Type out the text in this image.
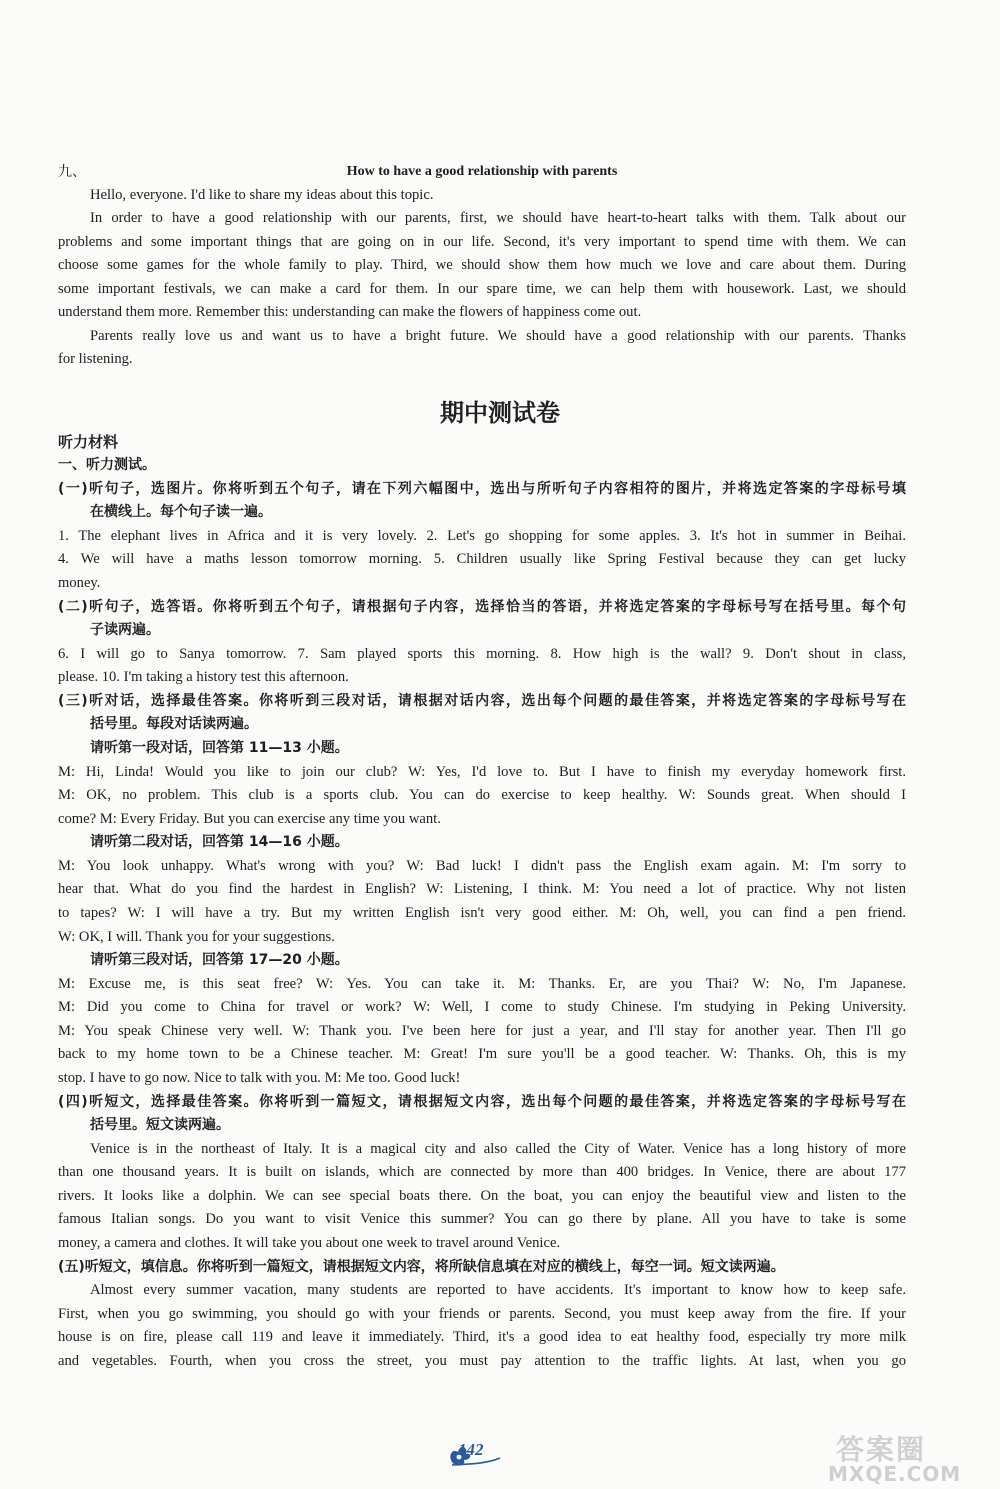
九、	How to have a good relationship with parents
Hello, everyone. I'd like to share my ideas about this topic.
In order to have a good relationship with our parents, first, we should have heart-to-heart talks with them. Talk about our
problems and some important things that are going on in our life. Second, it's very important to spend time with them. We can
choose some games for the whole family to play. Third, we should show them how much we love and care about them. During
some important festivals, we can make a card for them. In our spare time, we can help them with housework. Last, we should
understand them more. Remember this: understanding can make the flowers of happiness come out.
Parents really love us and want us to have a bright future. We should have a good relationship with our parents. Thanks
for listening.
期中测试卷
听力材料
一、听力测试。
(一)听句子，选图片。你将听到五个句子，请在下列六幅图中，选出与所听句子内容相符的图片，并将选定答案的字母标号填
在横线上。每个句子读一遍。
1. The elephant lives in Africa and it is very lovely. 2. Let's go shopping for some apples. 3. It's hot in summer in Beihai.
4. We will have a maths lesson tomorrow morning. 5. Children usually like Spring Festival because they can get lucky
money.
(二)听句子，选答语。你将听到五个句子，请根据句子内容，选择恰当的答语，并将选定答案的字母标号写在括号里。每个句
子读两遍。
6. I will go to Sanya tomorrow. 7. Sam played sports this morning. 8. How high is the wall? 9. Don't shout in class,
please. 10. I'm taking a history test this afternoon.
(三)听对话，选择最佳答案。你将听到三段对话，请根据对话内容，选出每个问题的最佳答案，并将选定答案的字母标号写在
括号里。每段对话读两遍。
请听第一段对话，回答第 11—13 小题。
M: Hi, Linda! Would you like to join our club? W: Yes, I'd love to. But I have to finish my everyday homework first.
M: OK, no problem. This club is a sports club. You can do exercise to keep healthy. W: Sounds great. When should I
come? M: Every Friday. But you can exercise any time you want.
请听第二段对话，回答第 14—16 小题。
M: You look unhappy. What's wrong with you? W: Bad luck! I didn't pass the English exam again. M: I'm sorry to
hear that. What do you find the hardest in English? W: Listening, I think. M: You need a lot of practice. Why not listen
to tapes? W: I will have a try. But my written English isn't very good either. M: Oh, well, you can find a pen friend.
W: OK, I will. Thank you for your suggestions.
请听第三段对话，回答第 17—20 小题。
M: Excuse me, is this seat free? W: Yes. You can take it. M: Thanks. Er, are you Thai? W: No, I'm Japanese.
M: Did you come to China for travel or work? W: Well, I come to study Chinese. I'm studying in Peking University.
M: You speak Chinese very well. W: Thank you. I've been here for just a year, and I'll stay for another year. Then I'll go
back to my home town to be a Chinese teacher. M: Great! I'm sure you'll be a good teacher. W: Thanks. Oh, this is my
stop. I have to go now. Nice to talk with you. M: Me too. Good luck!
(四)听短文，选择最佳答案。你将听到一篇短文，请根据短文内容，选出每个问题的最佳答案，并将选定答案的字母标号写在
括号里。短文读两遍。
Venice is in the northeast of Italy. It is a magical city and also called the City of Water. Venice has a long history of more
than one thousand years. It is built on islands, which are connected by more than 400 bridges. In Venice, there are about 177
rivers. It looks like a dolphin. We can see special boats there. On the boat, you can enjoy the beautiful view and listen to the
famous Italian songs. Do you want to visit Venice this summer? You can go there by plane. All you have to take is some
money, a camera and clothes. It will take you about one week to travel around Venice.
(五)听短文，填信息。你将听到一篇短文，请根据短文内容，将所缺信息填在对应的横线上，每空一词。短文读两遍。
Almost every summer vacation, many students are reported to have accidents. It's important to know how to keep safe.
First, when you go swimming, you should go with your friends or parents. Second, you must keep away from the fire. If your
house is on fire, please call 119 and leave it immediately. Third, it's a good idea to eat healthy food, especially try more milk
and vegetables. Fourth, when you cross the street, you must pay attention to the traffic lights. At last, when you go
142	答案圈
MXQE.COM
